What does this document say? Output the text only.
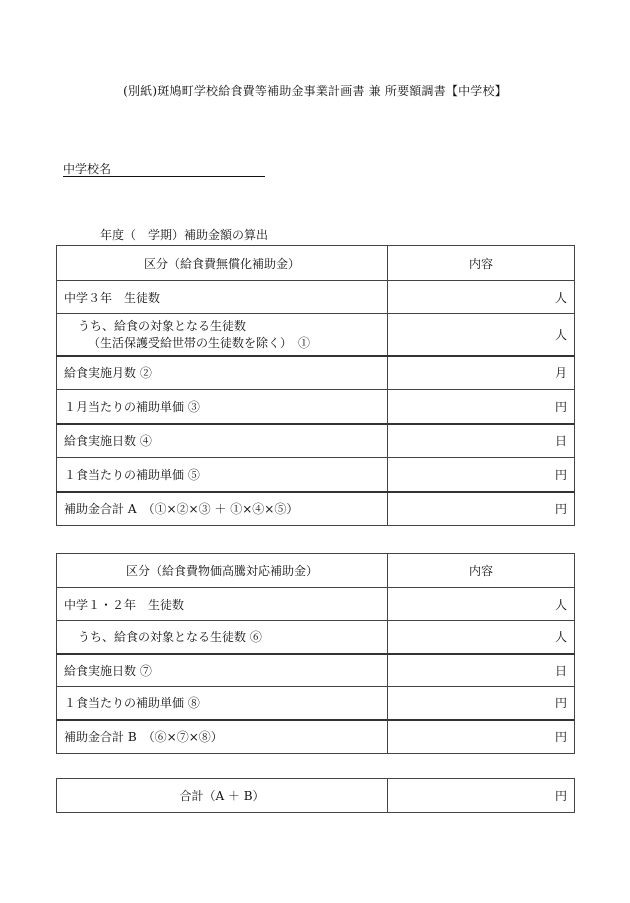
(別紙)斑鳩町学校給食費等補助金事業計画書 兼 所要額調書【中学校】
中学校名
年度（　学期）補助金額の算出
区分（給食費無償化補助金）	内容
中学３年　生徒数	人

うち、給食の対象となる生徒数
（生活保護受給世帯の生徒数を除く）　①	人
給食実施月数 ②	月
１月当たりの補助単価 ③	円
給食実施日数 ④	日
１食当たりの補助単価 ⑤	円
補助金合計 A　（①×②×③ ＋ ①×④×⑤）	円
区分（給食費物価高騰対応補助金）	内容
中学１・２年　生徒数	人
うち、給食の対象となる生徒数 ⑥	人
給食実施日数 ⑦	日
１食当たりの補助単価 ⑧	円
補助金合計 B　（⑥×⑦×⑧）	円
合計（A ＋ B）	円
